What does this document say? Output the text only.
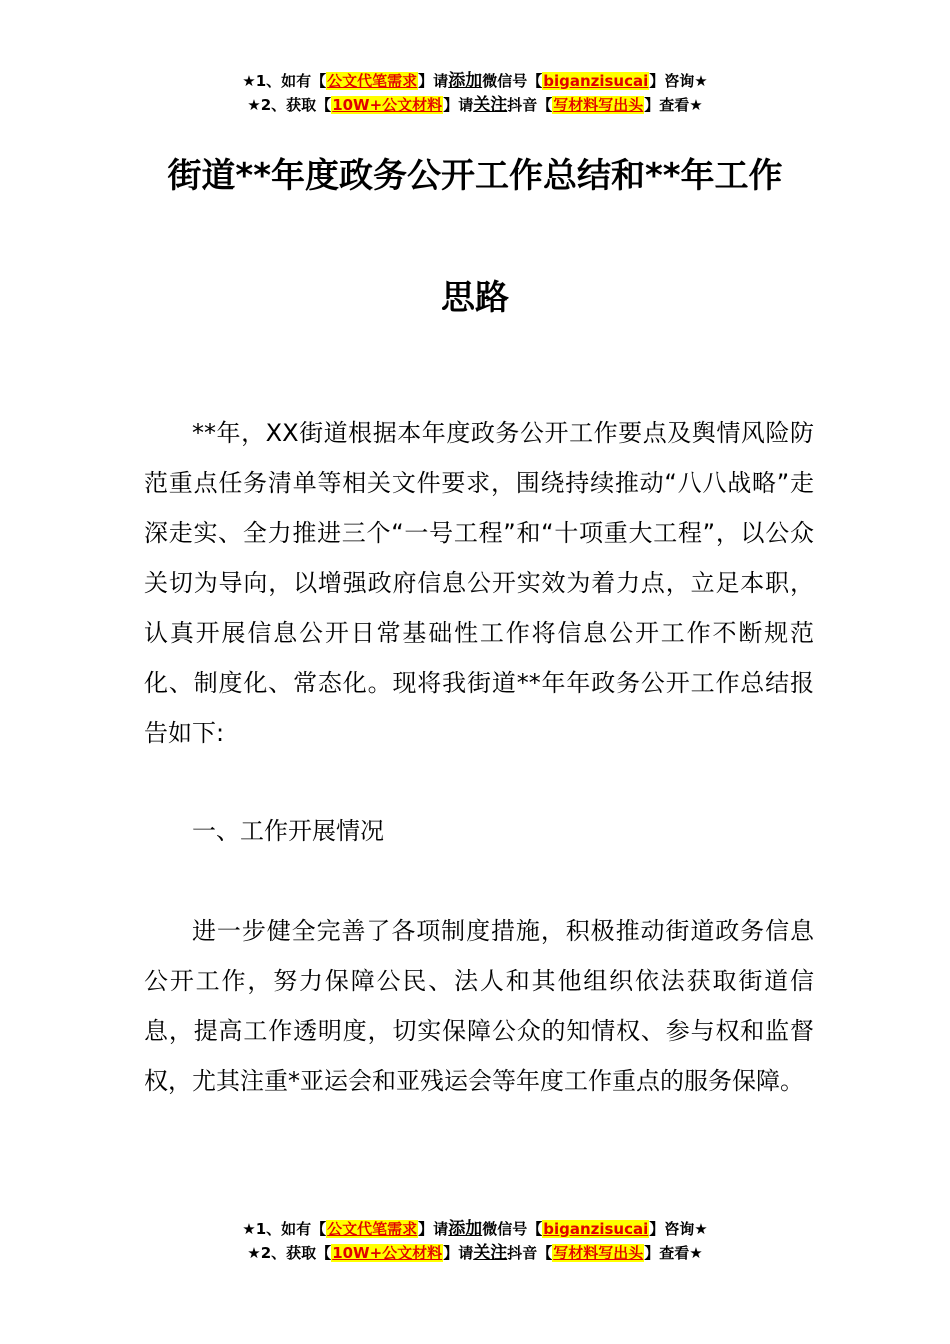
★1、如有【公文代笔需求】请添加微信号【biganzisucai】咨询★
★2、获取【10W+公文材料】请关注抖音【写材料写出头】查看★
街道**年度政务公开工作总结和**年工作
思路

**年，XX街道根据本年度政务公开工作要点及舆情风险防范重点任务清单等相关文件要求，围绕持续推动“八八战略”走深走实、全力推进三个“一号工程”和“十项重大工程”，以公众关切为导向，以增强政府信息公开实效为着力点，立足本职，认真开展信息公开日常基础性工作将信息公开工作不断规范化、制度化、常态化。现将我街道**年年政务公开工作总结报告如下:

一、工作开展情况

进一步健全完善了各项制度措施，积极推动街道政务信息公开工作，努力保障公民、法人和其他组织依法获取街道信息，提高工作透明度，切实保障公众的知情权、参与权和监督权，尤其注重*亚运会和亚残运会等年度工作重点的服务保障。

★1、如有【公文代笔需求】请添加微信号【biganzisucai】咨询★
★2、获取【10W+公文材料】请关注抖音【写材料写出头】查看★
